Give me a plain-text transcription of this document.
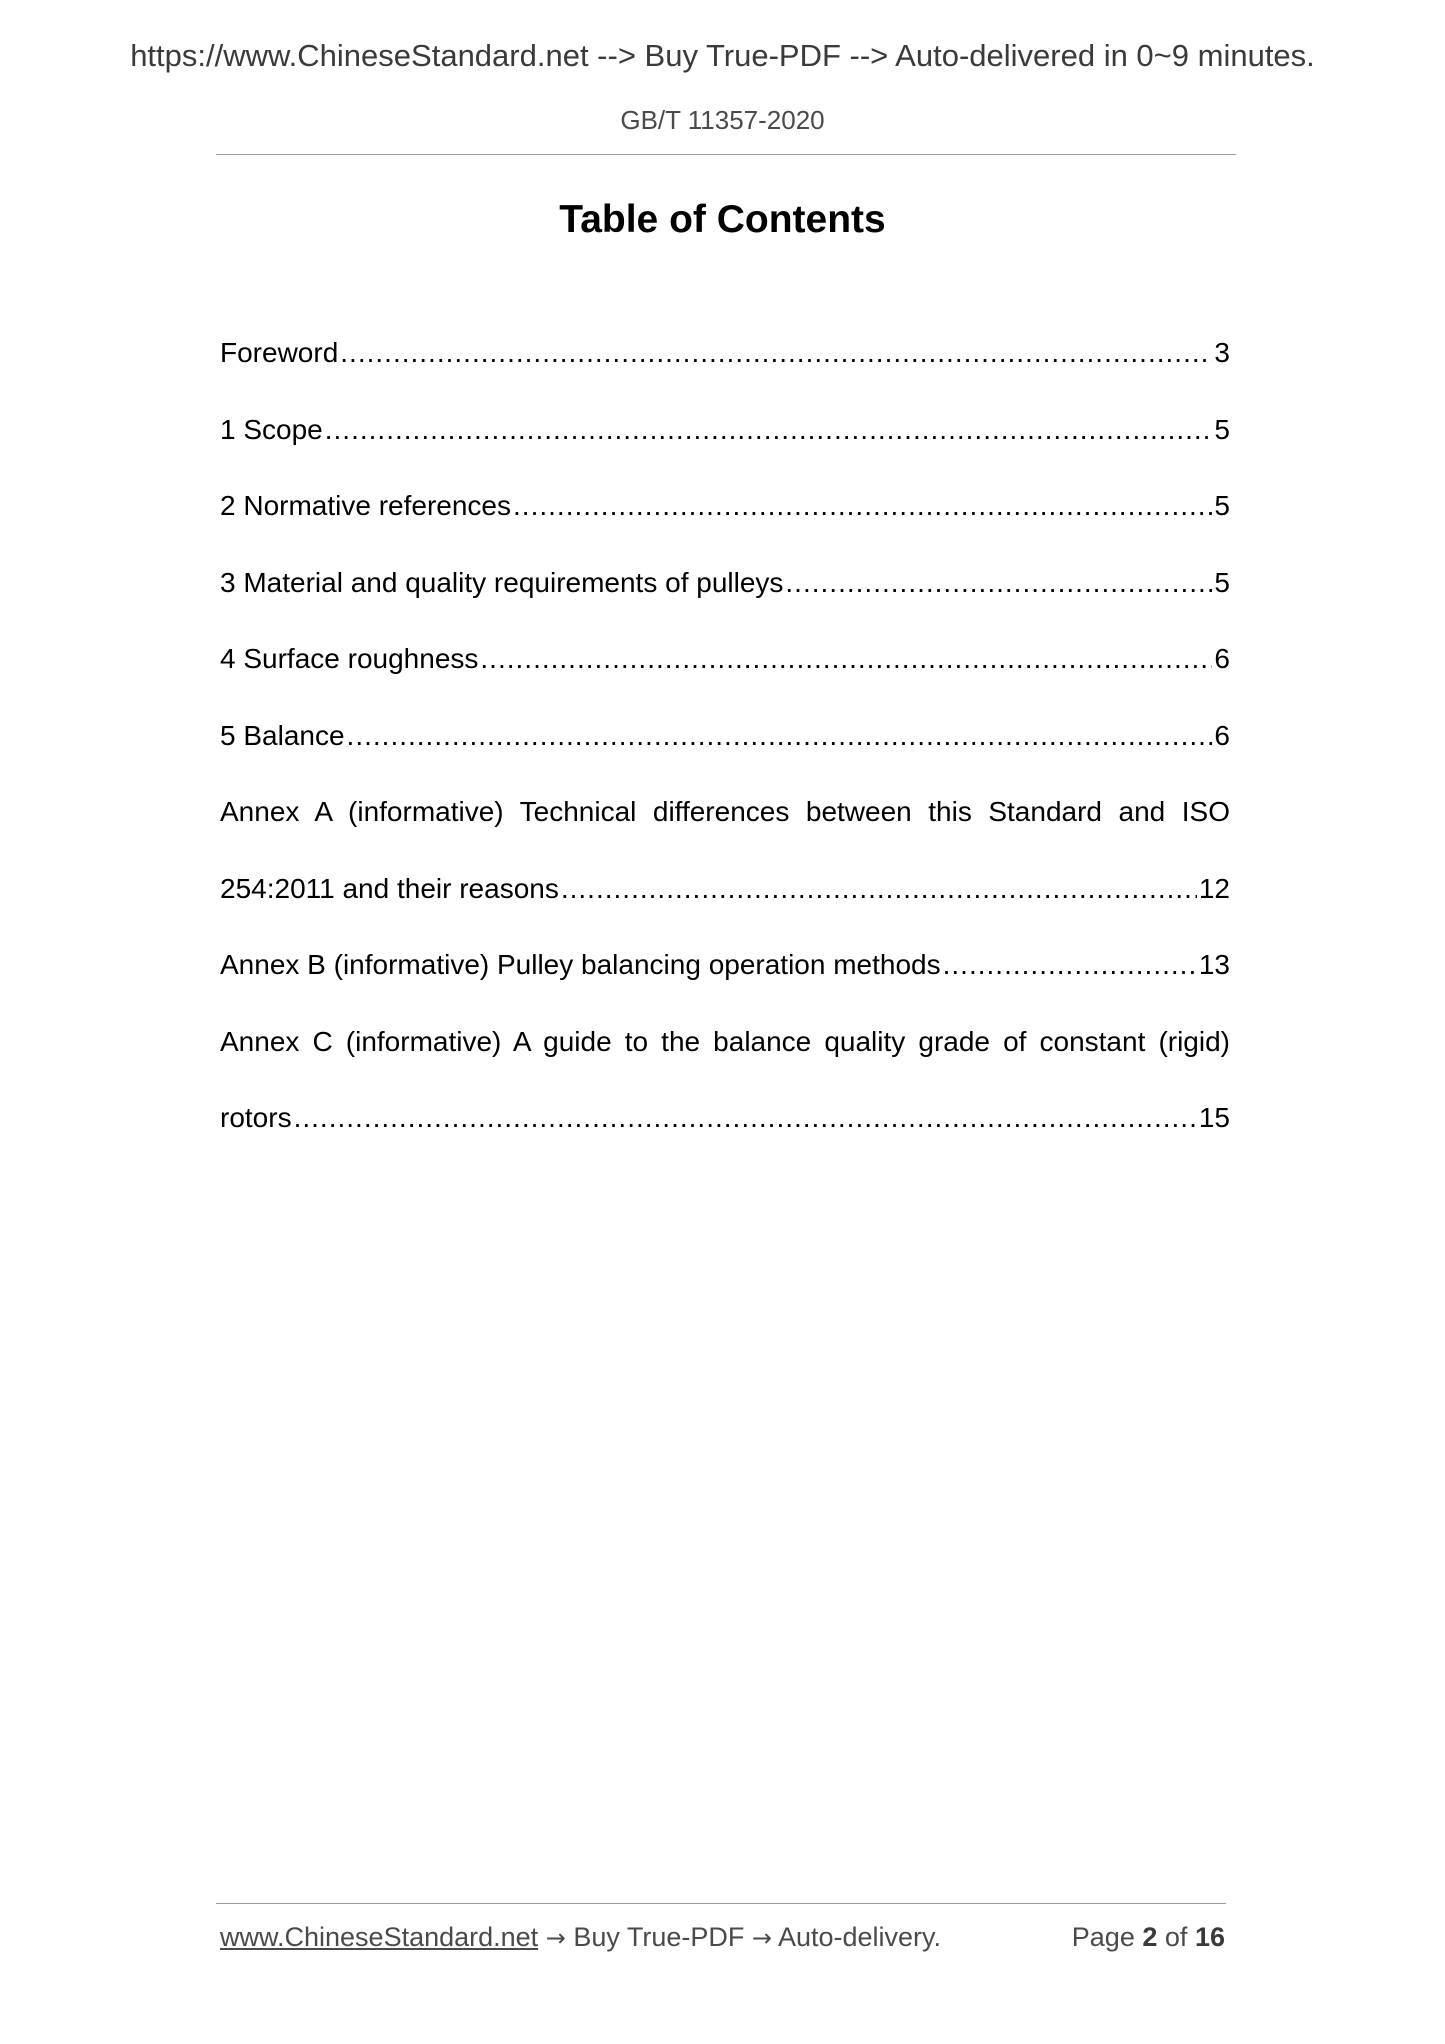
https://www.ChineseStandard.net --> Buy True-PDF --> Auto-delivered in 0~9 minutes.
GB/T 11357-2020
Table of Contents
Foreword .....	3
1 Scope .....	5
2 Normative references .....	5
3 Material and quality requirements of pulleys .....	5
4 Surface roughness .....	6
5 Balance .....	6
Annex A (informative) Technical differences between this Standard and ISO
254:2011 and their reasons .....	12
Annex B (informative) Pulley balancing operation methods .....	13
Annex C (informative) A guide to the balance quality grade of constant (rigid)
rotors .....	15
www.ChineseStandard.net → Buy True-PDF → Auto-delivery.	Page 2 of 16
